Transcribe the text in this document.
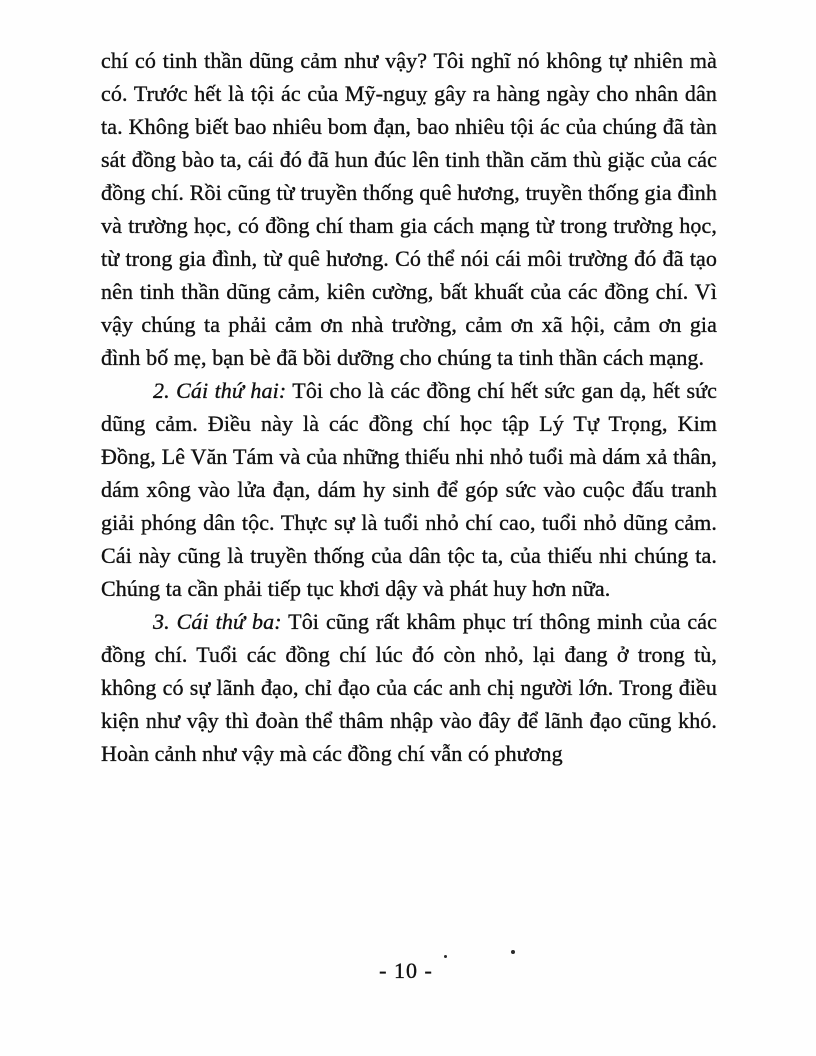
chí có tinh thần dũng cảm như vậy? Tôi nghĩ nó không tự nhiên mà có. Trước hết là tội ác của Mỹ-nguỵ gây ra hàng ngày cho nhân dân ta. Không biết bao nhiêu bom đạn, bao nhiêu tội ác của chúng đã tàn sát đồng bào ta, cái đó đã hun đúc lên tinh thần căm thù giặc của các đồng chí. Rồi cũng từ truyền thống quê hương, truyền thống gia đình và trường học, có đồng chí tham gia cách mạng từ trong trường học, từ trong gia đình, từ quê hương. Có thể nói cái môi trường đó đã tạo nên tinh thần dũng cảm, kiên cường, bất khuất của các đồng chí. Vì vậy chúng ta phải cảm ơn nhà trường, cảm ơn xã hội, cảm ơn gia đình bố mẹ, bạn bè đã bồi dưỡng cho chúng ta tinh thần cách mạng.

2. Cái thứ hai: Tôi cho là các đồng chí hết sức gan dạ, hết sức dũng cảm. Điều này là các đồng chí học tập Lý Tự Trọng, Kim Đồng, Lê Văn Tám và của những thiếu nhi nhỏ tuổi mà dám xả thân, dám xông vào lửa đạn, dám hy sinh để góp sức vào cuộc đấu tranh giải phóng dân tộc. Thực sự là tuổi nhỏ chí cao, tuổi nhỏ dũng cảm. Cái này cũng là truyền thống của dân tộc ta, của thiếu nhi chúng ta. Chúng ta cần phải tiếp tục khơi dậy và phát huy hơn nữa.

3. Cái thứ ba: Tôi cũng rất khâm phục trí thông minh của các đồng chí. Tuổi các đồng chí lúc đó còn nhỏ, lại đang ở trong tù, không có sự lãnh đạo, chỉ đạo của các anh chị người lớn. Trong điều kiện như vậy thì đoàn thể thâm nhập vào đây để lãnh đạo cũng khó. Hoàn cảnh như vậy mà các đồng chí vẫn có phương

- 10 -
